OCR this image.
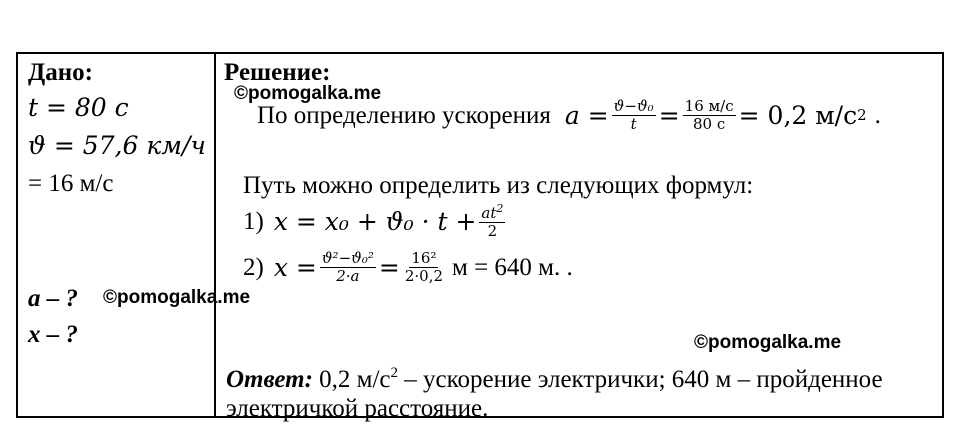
Дано:
t = 80 с
ϑ = 57,6 км/ч
= 16 м/с
a – ?
x – ?
Решение:
По определению ускорения $a = \frac{\text{ϑ−ϑ₀}}{t} = \frac{16 м/с}{80 с} = 0,2$ м/с 2 .
Путь можно определить из следующих формул:
1) $x = x_0 + ϑ_0 \cdot t + \frac{at^2}{2}$
2) $x = \frac{\text{ϑ²−ϑ₀²}}{2\cdot a} = \frac{\text{16²}}{2\cdot 0,2}$ м = 640 м. .
Ответ: 0,2 $м/с^2$ – ускорение электрички; 640 м – пройденное
электричкой расстояние.
©pomogalka.me
©pomogalka.me
©pomogalka.me
